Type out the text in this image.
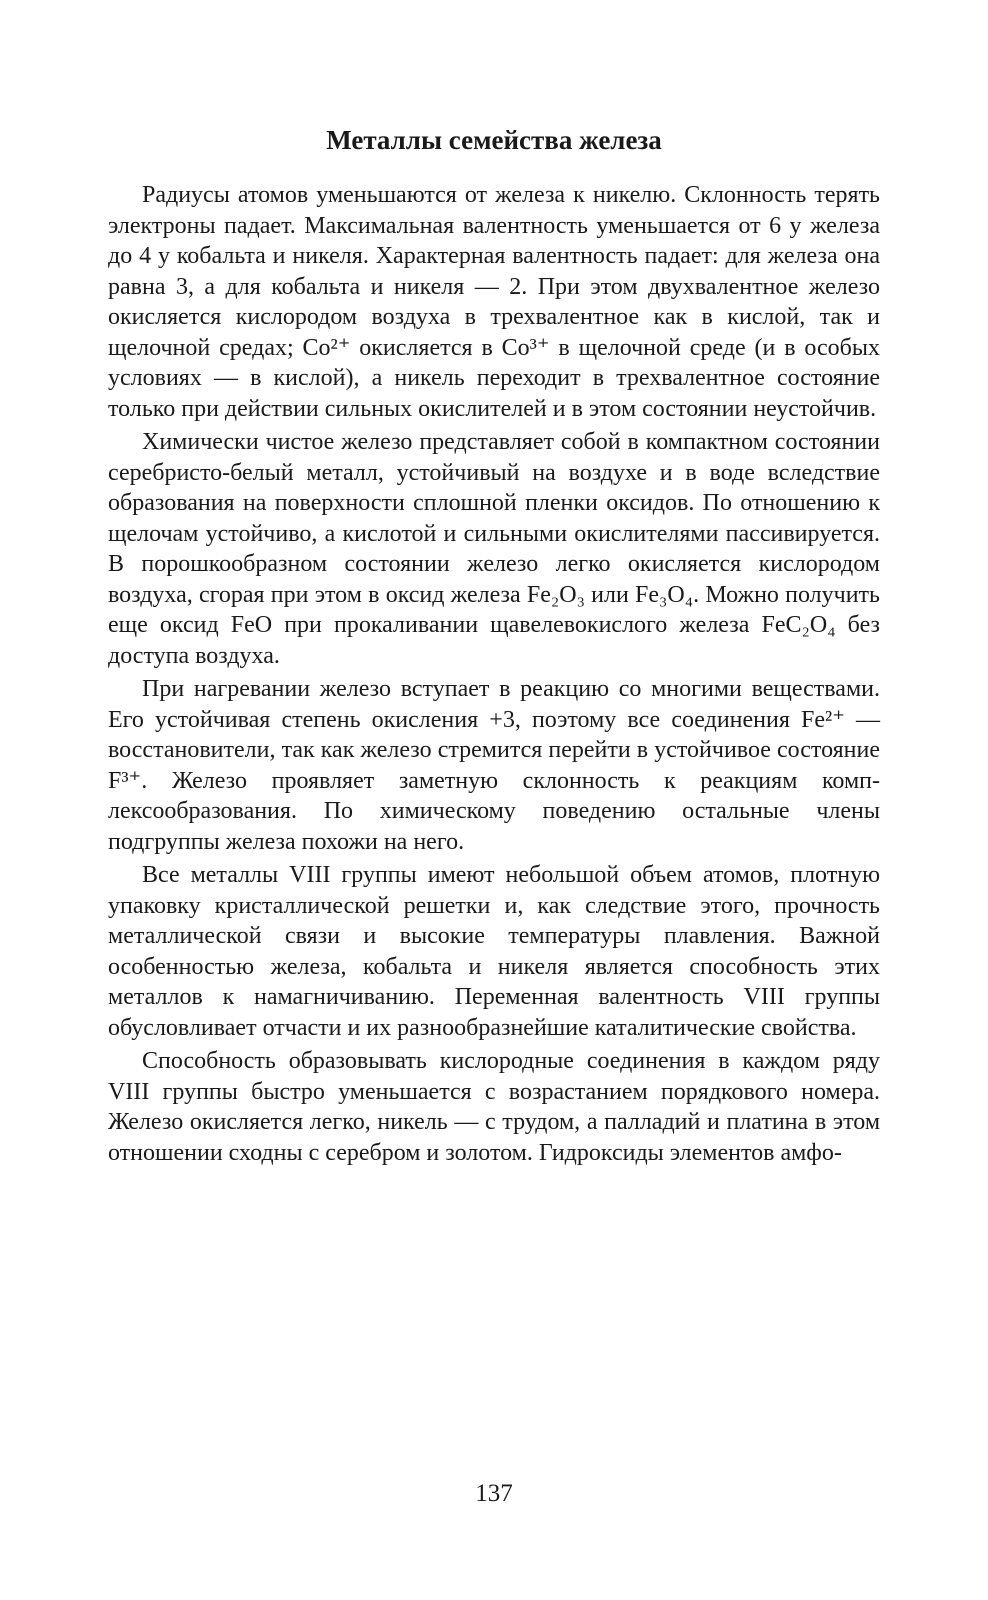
Металлы семейства железа

Радиусы атомов уменьшаются от железа к никелю. Склонность терять электроны падает. Максимальная валентность уменьшается от 6 у железа до 4 у кобальта и никеля. Характерная валентность падает: для железа она равна 3, а для кобальта и никеля — 2. При этом двухвалентное железо окисляется кислородом воздуха в трехвалентное как в кислой, так и щелочной средах; Co²⁺ окисляется в Co³⁺ в щелочной среде (и в особых условиях — в кислой), а никель переходит в трехвалентное состояние только при действии сильных окислителей и в этом состоянии неустойчив.

Химически чистое железо представляет собой в компактном состоянии серебристо-белый металл, устойчивый на воздухе и в воде вследствие образования на поверхности сплошной пленки оксидов. По отношению к щелочам устойчиво, а кислотой и сильными окислителями пассивируется. В порошкообразном состоянии железо легко окисляется кислородом воздуха, сгорая при этом в оксид железа Fe₂O₃ или Fe₃O₄. Можно получить еще оксид FeO при прокаливании щавелевокислого железа FeC₂O₄ без доступа воздуха.

При нагревании железо вступает в реакцию со многими веществами. Его устойчивая степень окисления +3, поэтому все соединения Fe²⁺ — восстановители, так как железо стремится перейти в устойчивое состояние F³⁺. Железо проявляет заметную склонность к реакциям комплексообразования. По химическому поведению остальные члены подгруппы железа похожи на него.

Все металлы VIII группы имеют небольшой объем атомов, плотную упаковку кристаллической решетки и, как следствие этого, прочность металлической связи и высокие температуры плавления. Важной особенностью железа, кобальта и никеля является способность этих металлов к намагничиванию. Переменная валентность VIII группы обусловливает отчасти и их разнообразнейшие каталитические свойства.

Способность образовывать кислородные соединения в каждом ряду VIII группы быстро уменьшается с возрастанием порядкового номера. Железо окисляется легко, никель — с трудом, а палладий и платина в этом отношении сходны с серебром и золотом. Гидроксиды элементов амфо-

137
